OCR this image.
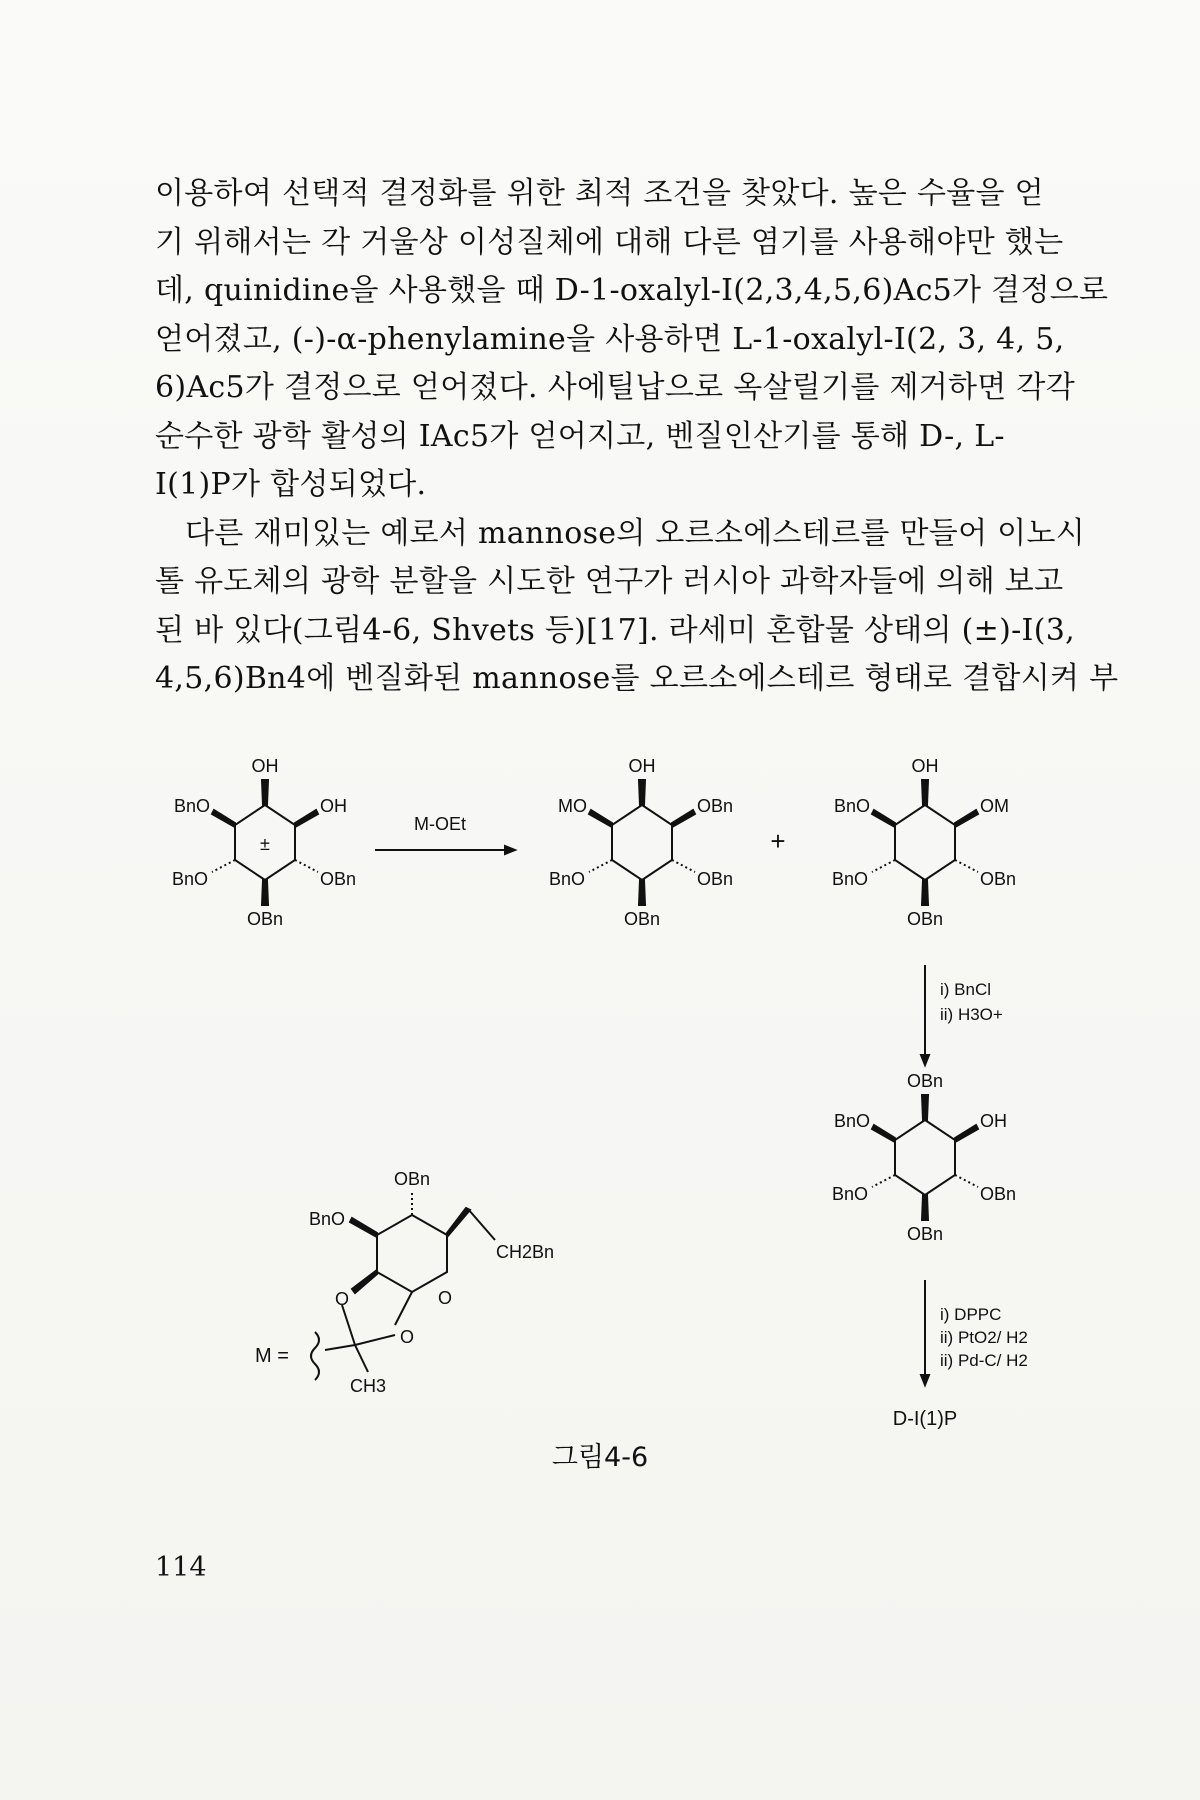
이용하여 선택적 결정화를 위한 최적 조건을 찾았다. 높은 수율을 얻
기 위해서는 각 거울상 이성질체에 대해 다른 염기를 사용해야만 했는
데, quinidine을 사용했을 때 D-1-oxalyl-I(2,3,4,5,6)Ac5가 결정으로
얻어졌고, (-)-α-phenylamine을 사용하면 L-1-oxalyl-I(2, 3, 4, 5,
6)Ac5가 결정으로 얻어졌다. 사에틸납으로 옥살릴기를 제거하면 각각
순수한 광학 활성의 IAc5가 얻어지고, 벤질인산기를 통해 D-, L-
I(1)P가 합성되었다.
다른 재미있는 예로서 mannose의 오르소에스테르를 만들어 이노시
톨 유도체의 광학 분할을 시도한 연구가 러시아 과학자들에 의해 보고
된 바 있다(그림4-6, Shvets 등)[17]. 라세미 혼합물 상태의 (±)-I(3,
4,5,6)Bn4에 벤질화된 mannose를 오르소에스테르 형태로 결합시켜 부
OH
OH
BnO
±
BnO	OBn
OBn
M-OEt
OH
OBn
MO
BnO	OBn
OBn
+
OH
OM
BnO
BnO	OBn
OBn
i) BnCl
ii) H3O+
OBn
OH
BnO
BnO	OBn
OBn
i) DPPC
ii) PtO2/ H2
ii) Pd-C/ H2
D-I(1)P
OBn
BnO
CH2Bn
O
O
O
CH3
M =
그림4-6
114
